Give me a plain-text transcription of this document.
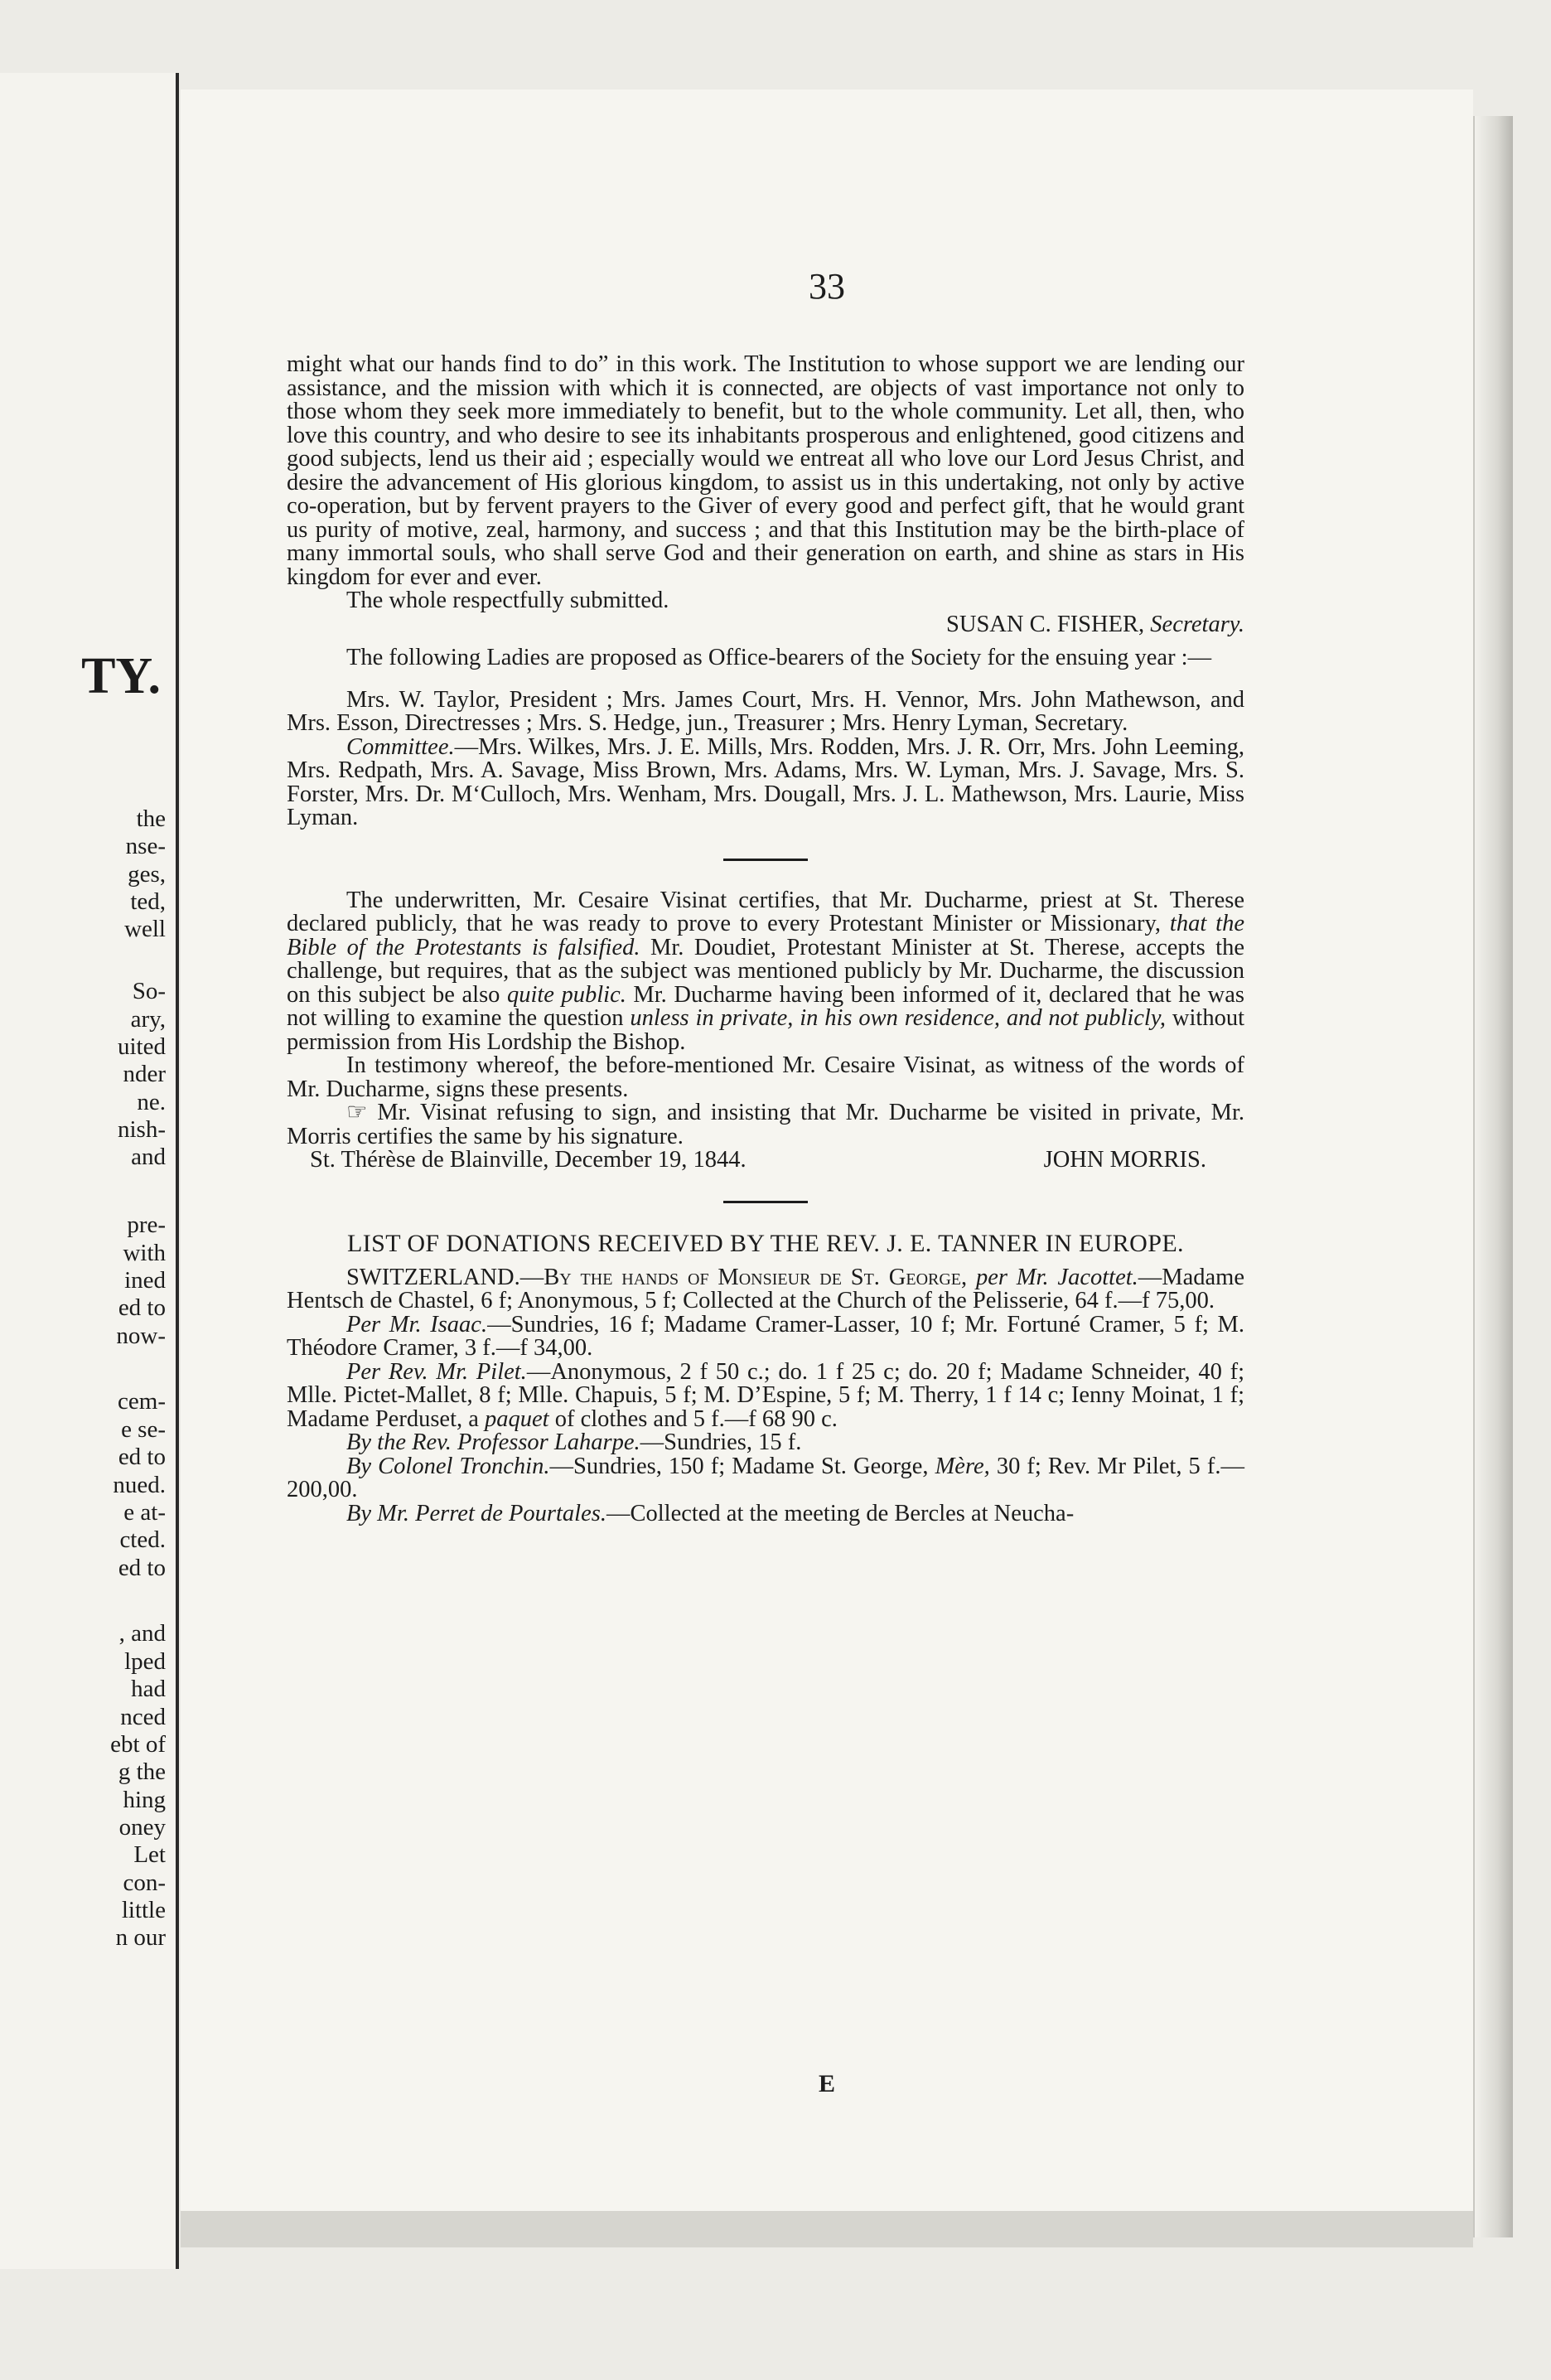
TY.
the
nse-
ges,
ted,
well
So-
ary,
uited
nder
ne.
nish-
and
pre-
with
ined
ed to
now-
cem-
e se-
ed to
nued.
e at-
cted.
ed to
, and
lped
had
nced
ebt of
g the
hing
oney
Let
con-
little
n our
33

might what our hands find to do” in this work. The Institution to whose support we are lending our assistance, and the mission with which it is connected, are objects of vast importance not only to those whom they seek more immediately to benefit, but to the whole community. Let all, then, who love this country, and who desire to see its inhabitants prosperous and enlightened, good citizens and good subjects, lend us their aid ; especially would we entreat all who love our Lord Jesus Christ, and desire the advancement of His glorious kingdom, to assist us in this undertaking, not only by active co-operation, but by fervent prayers to the Giver of every good and perfect gift, that he would grant us purity of motive, zeal, harmony, and success ; and that this Institution may be the birth-place of many immortal souls, who shall serve God and their generation on earth, and shine as stars in His kingdom for ever and ever.

The whole respectfully submitted.

SUSAN C. FISHER, Secretary.

The following Ladies are proposed as Office-bearers of the Society for the ensuing year :—

Mrs. W. Taylor, President ; Mrs. James Court, Mrs. H. Vennor, Mrs. John Mathewson, and Mrs. Esson, Directresses ; Mrs. S. Hedge, jun., Treasurer ; Mrs. Henry Lyman, Secretary.

Committee.—Mrs. Wilkes, Mrs. J. E. Mills, Mrs. Rodden, Mrs. J. R. Orr, Mrs. John Leeming, Mrs. Redpath, Mrs. A. Savage, Miss Brown, Mrs. Adams, Mrs. W. Lyman, Mrs. J. Savage, Mrs. S. Forster, Mrs. Dr. M‘Culloch, Mrs. Wenham, Mrs. Dougall, Mrs. J. L. Mathewson, Mrs. Laurie, Miss Lyman.

The underwritten, Mr. Cesaire Visinat certifies, that Mr. Ducharme, priest at St. Therese declared publicly, that he was ready to prove to every Protestant Minister or Missionary, that the Bible of the Protestants is falsified. Mr. Doudiet, Protestant Minister at St. Therese, accepts the challenge, but requires, that as the subject was mentioned publicly by Mr. Ducharme, the discussion on this subject be also quite public. Mr. Ducharme having been informed of it, declared that he was not willing to examine the question unless in private, in his own residence, and not publicly, without permission from His Lordship the Bishop.

In testimony whereof, the before-mentioned Mr. Cesaire Visinat, as witness of the words of Mr. Ducharme, signs these presents.

☞ Mr. Visinat refusing to sign, and insisting that Mr. Ducharme be visited in private, Mr. Morris certifies the same by his signature.

St. Thérèse de Blainville, December 19, 1844.	JOHN MORRIS.
LIST OF DONATIONS RECEIVED BY THE REV. J. E. TANNER IN EUROPE.

SWITZERLAND.—By the hands of Monsieur de St. George, per Mr. Jacottet.—Madame Hentsch de Chastel, 6 f; Anonymous, 5 f; Collected at the Church of the Pelisserie, 64 f.—f 75,00.

Per Mr. Isaac.—Sundries, 16 f; Madame Cramer-Lasser, 10 f; Mr. Fortuné Cramer, 5 f; M. Théodore Cramer, 3 f.—f 34,00.

Per Rev. Mr. Pilet.—Anonymous, 2 f 50 c.; do. 1 f 25 c; do. 20 f; Madame Schneider, 40 f; Mlle. Pictet-Mallet, 8 f; Mlle. Chapuis, 5 f; M. D’Espine, 5 f; M. Therry, 1 f 14 c; Ienny Moinat, 1 f; Madame Perduset, a paquet of clothes and 5 f.—f 68 90 c.

By the Rev. Professor Laharpe.—Sundries, 15 f.

By Colonel Tronchin.—Sundries, 150 f; Madame St. George, Mère, 30 f; Rev. Mr Pilet, 5 f.—200,00.

By Mr. Perret de Pourtales.—Collected at the meeting de Bercles at Neucha-

E
